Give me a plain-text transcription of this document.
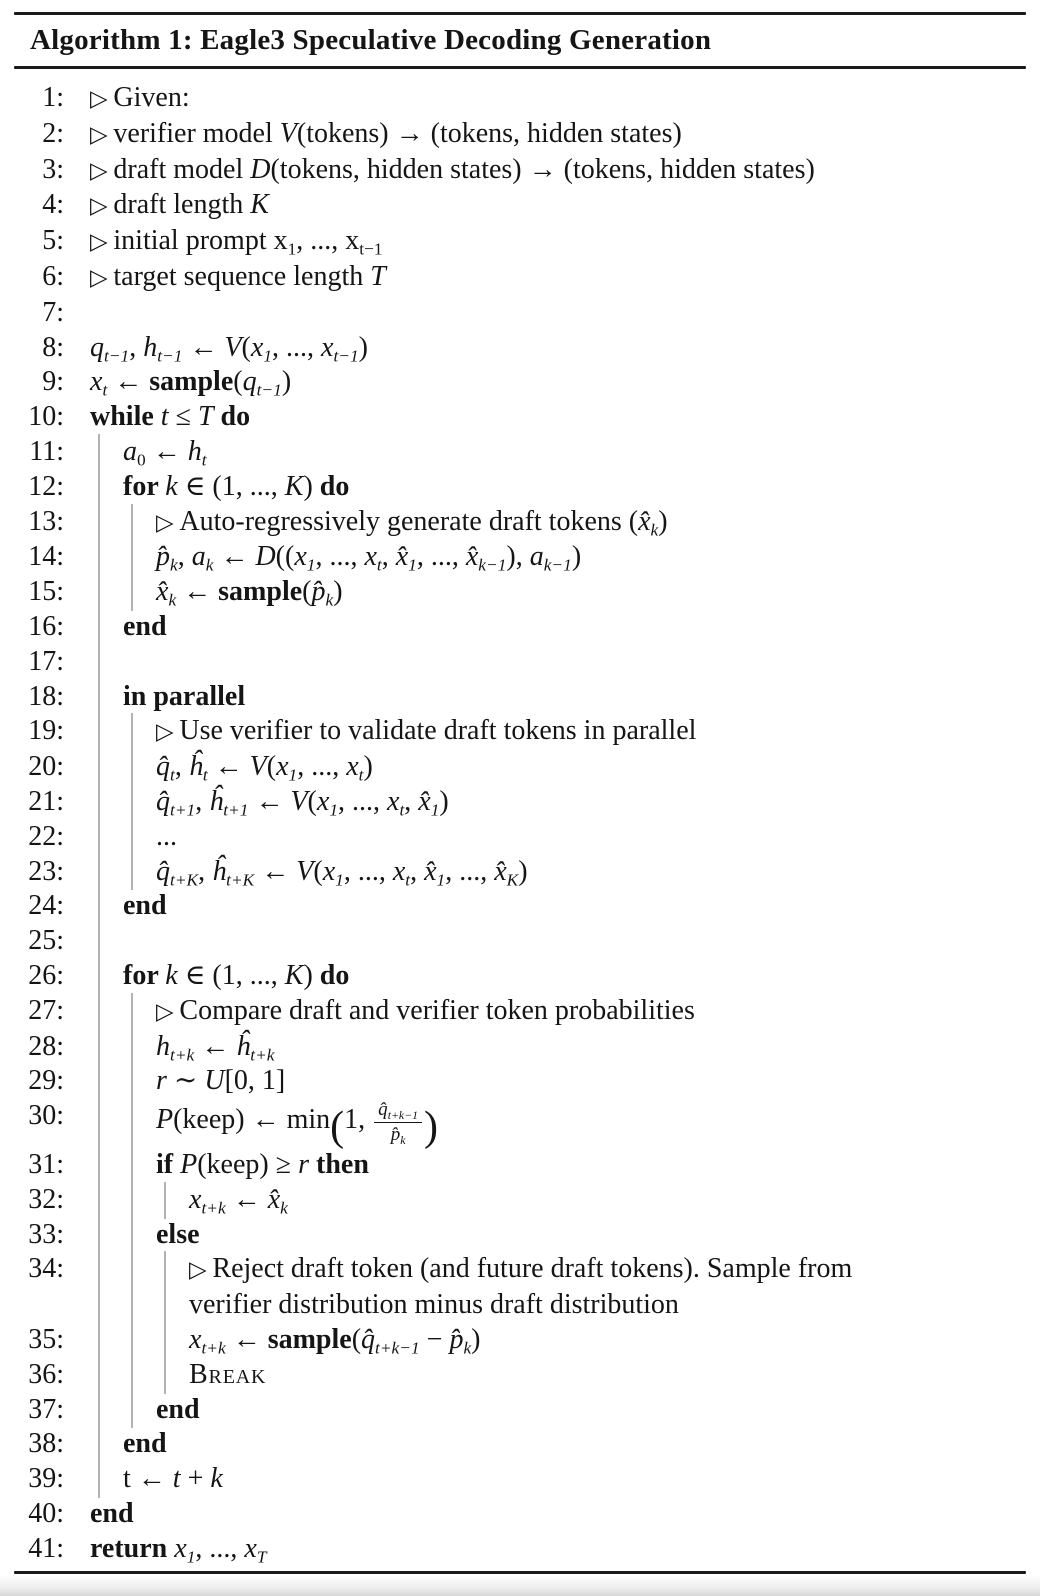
Algorithm 1: Eagle3 Speculative Decoding Generation
1: ▷ Given:
2: ▷ verifier model V(tokens) → (tokens, hidden states)
3: ▷ draft model D(tokens, hidden states) → (tokens, hidden states)
4: ▷ draft length K
5: ▷ initial prompt $x_1$, ..., $x_{t-1}$
6: ▷ target sequence length T
7:
8: $q_{t-1}$, $h_{t-1}$ ← $V(x_1$, ..., $x_{t-1}$)
9: $x_t$ ← $sample(q_{t-1})$
10: while t ≤ T do
11:	$a_0$ ← $h_t$
12:	for k ∈ (1, ..., K) do
13:	▷ Auto-regressively generate draft tokens $(x̂_k)$
14:	$p̂_k$, $a_k$ ← $D((x_1$, ..., $x_t$, $x̂_1$, ..., $x̂_{k-1}$), $a_{k-1}$)
15:	$x̂_k$ ← $sample(p̂_k)$
16:	end
17:
18:	in parallel
19:	▷ Use verifier to validate draft tokens in parallel
20:	$q̂_t$, $ĥ_t$ ← $V(x_1$, ..., $x_t$)
21:	$q̂_{t+1}$, $ĥ_{t+1}$ ← $V(x_1$, ..., $x_t$, $x̂_1$)
22:	...
23:	$q̂_{t+K}$, $ĥ_{t+K}$ ← $V(x_1$, ..., $x_t$, $x̂_1$, ..., $x̂_K$)
24:	end
25:
26:	for k ∈ (1, ..., K) do
27:	▷ Compare draft and verifier token probabilities
28:	$h_{t+k}$ ← $ĥ_{t+k}$
29:	r ∼ U[0, 1]
30:	P(keep) ← min(1, $\frac{q̂_{t+k-1}}{p̂_k}$ )
31:	if P(keep) ≥ r then
32:	$x_{t+k}$ ← $x̂_k$
33:	else
34:	▷ Reject draft token (and future draft tokens). Sample from
verifier distribution minus draft distribution
35:	$x_{t+k}$ ← $sample(q̂_{t+k-1}$ − $p̂_k$)
36:	Break
37:	end
38:	end
39:	t ← t + k
40: end
41: return $x_1$, ..., $x_T$
